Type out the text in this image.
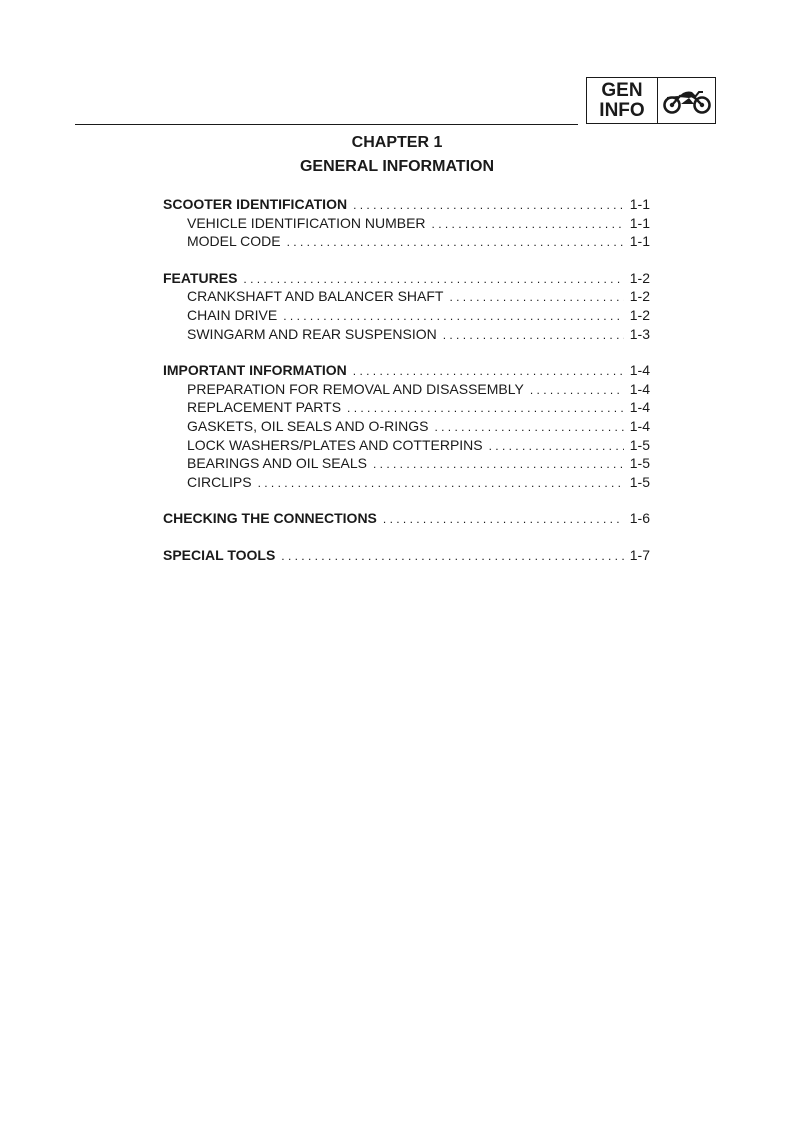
GEN
INFO
CHAPTER 1
GENERAL INFORMATION
SCOOTER IDENTIFICATION . . .	1-1
VEHICLE IDENTIFICATION NUMBER . . .	1-1
MODEL CODE . . .	1-1
FEATURES . . .	1-2
CRANKSHAFT AND BALANCER SHAFT . . .	1-2
CHAIN DRIVE . . .	1-2
SWINGARM AND REAR SUSPENSION . . .	1-3
IMPORTANT INFORMATION . . .	1-4
PREPARATION FOR REMOVAL AND DISASSEMBLY . . .	1-4
REPLACEMENT PARTS . . .	1-4
GASKETS, OIL SEALS AND O-RINGS . . .	1-4
LOCK WASHERS/PLATES AND COTTERPINS . . .	1-5
BEARINGS AND OIL SEALS . . .	1-5
CIRCLIPS . . .	1-5
CHECKING THE CONNECTIONS . . .	1-6
SPECIAL TOOLS . . .	1-7
